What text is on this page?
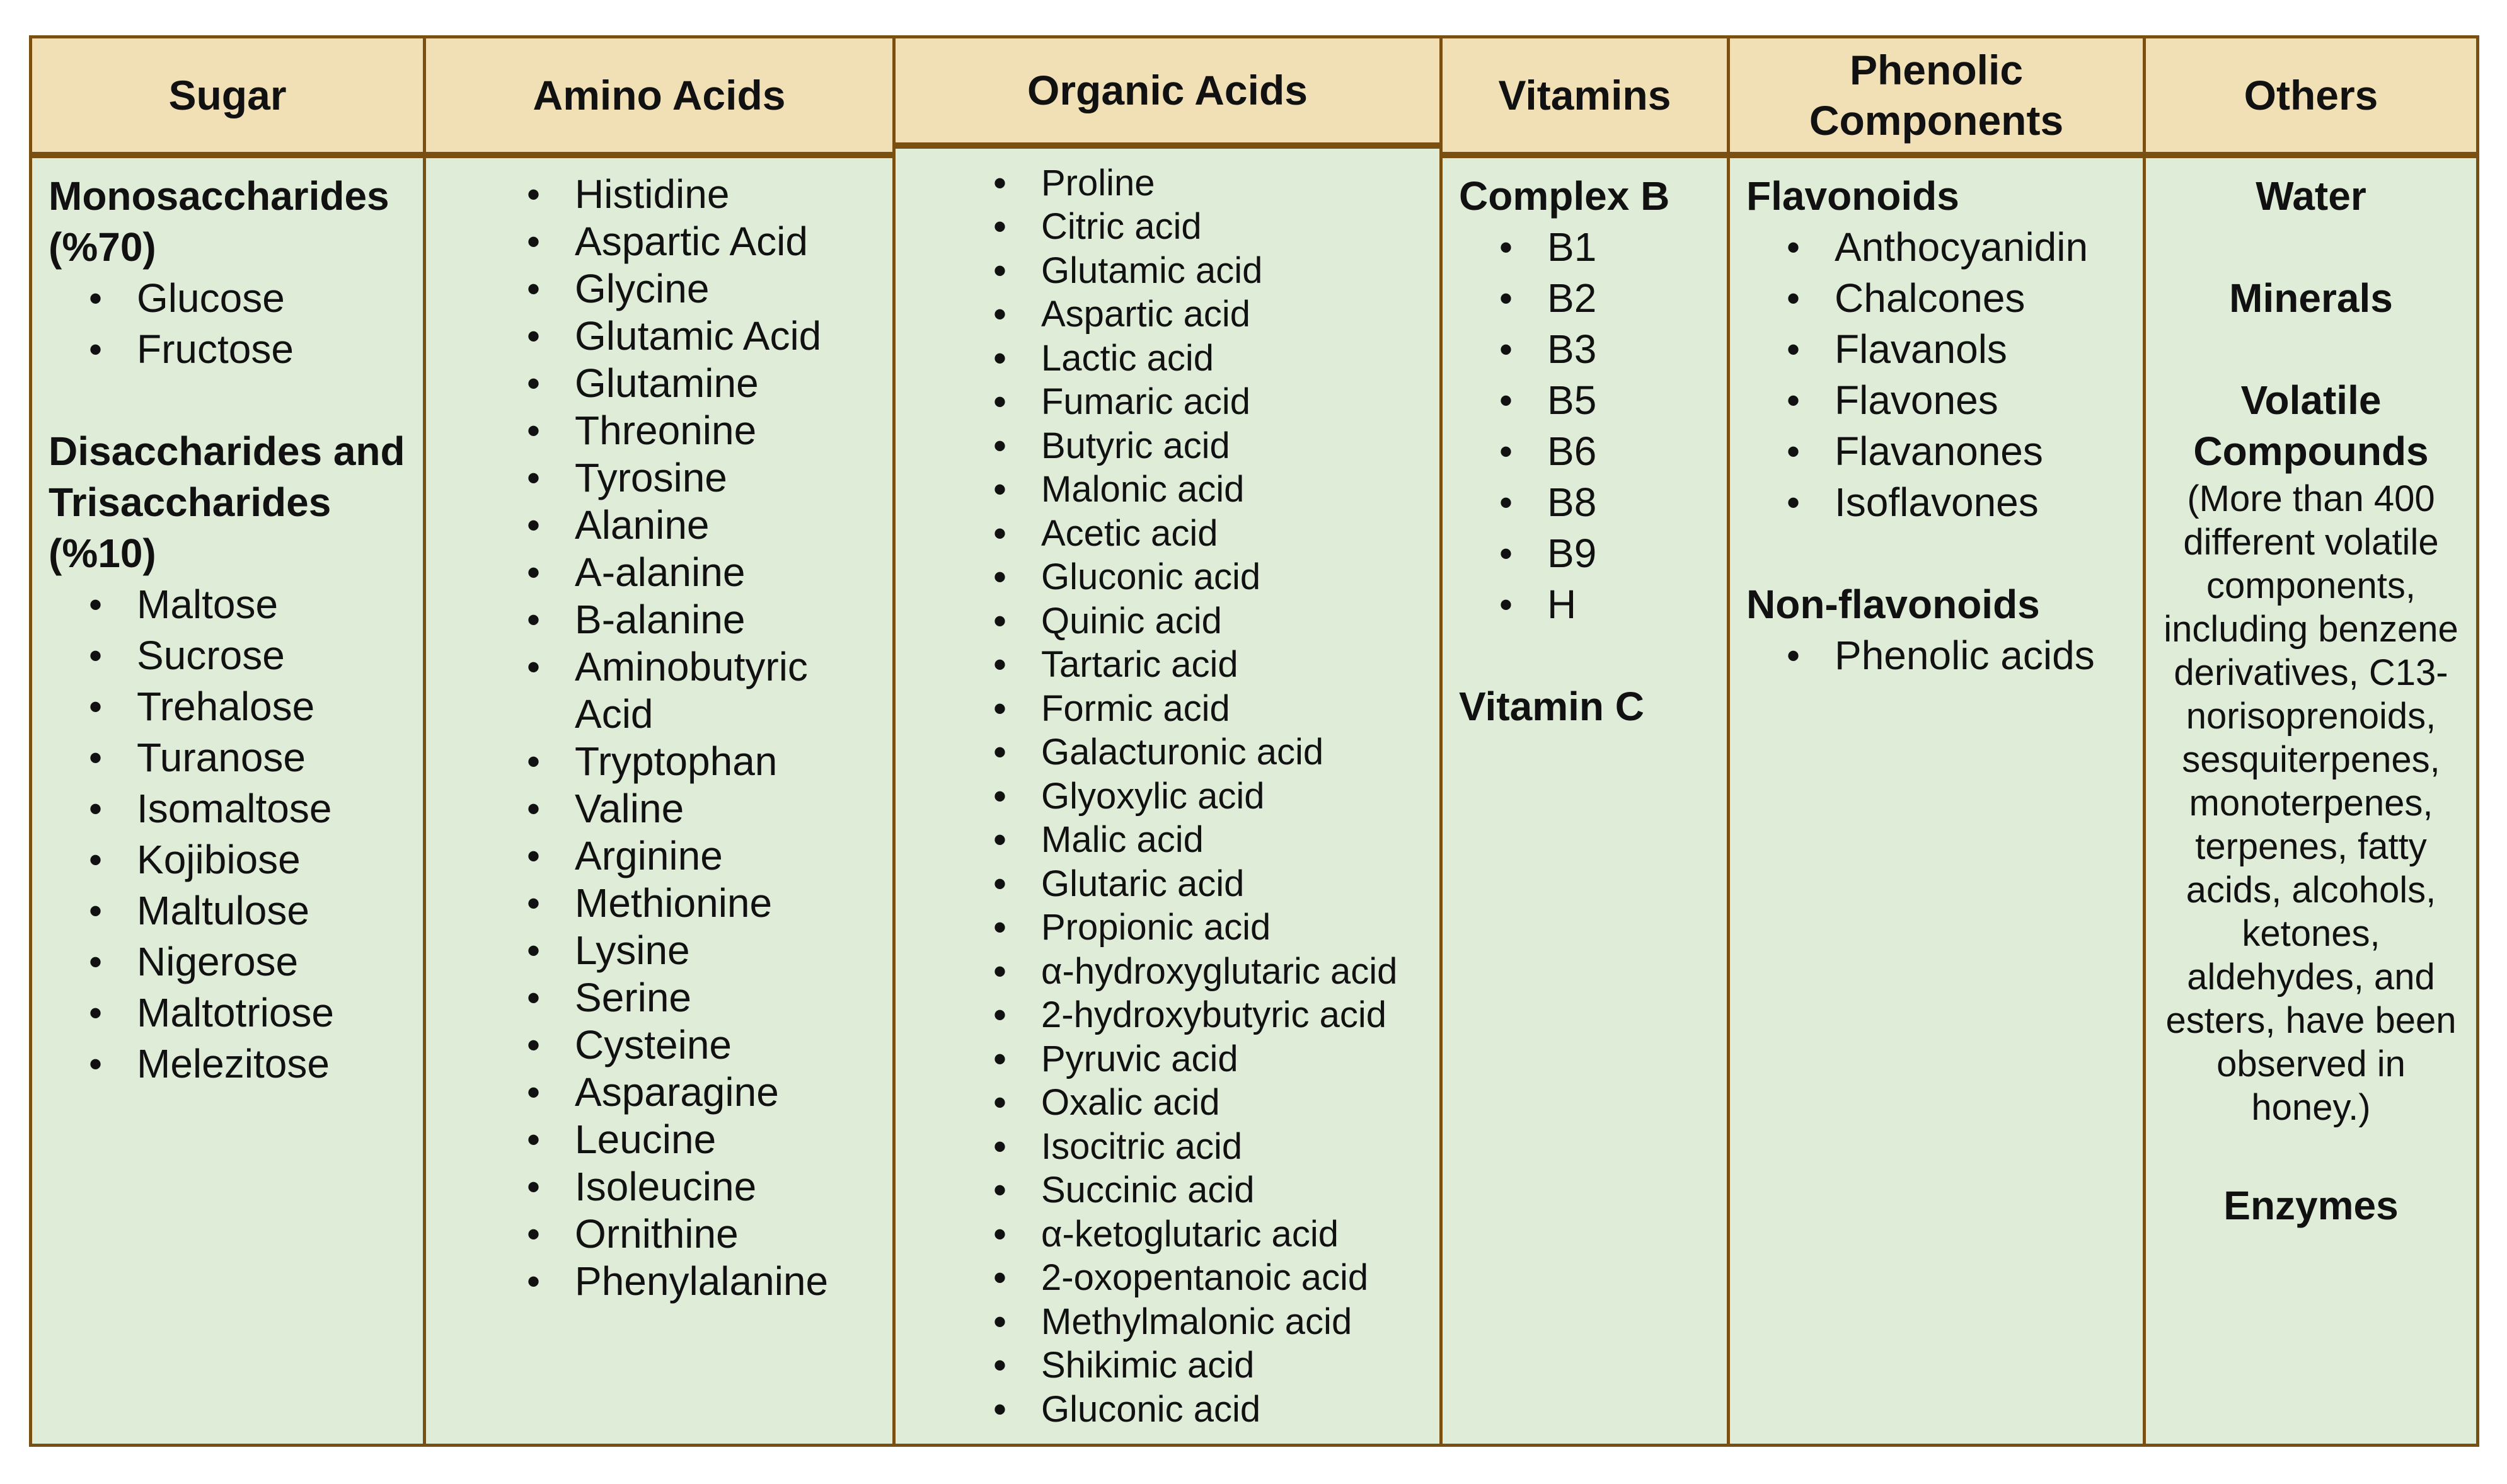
Sugar
Monosaccharides (%70)
• Glucose
• Fructose
Disaccharides and Trisaccharides (%10)
• Maltose
• Sucrose
• Trehalose
• Turanose
• Isomaltose
• Kojibiose
• Maltulose
• Nigerose
• Maltotriose
• Melezitose
Amino Acids
• Histidine
• Aspartic Acid
• Glycine
• Glutamic Acid
• Glutamine
• Threonine
• Tyrosine
• Alanine
• A-alanine
• B-alanine
• Aminobutyric Acid
• Tryptophan
• Valine
• Arginine
• Methionine
• Lysine
• Serine
• Cysteine
• Asparagine
• Leucine
• Isoleucine
• Ornithine
• Phenylalanine
Organic Acids
• Proline
• Citric acid
• Glutamic acid
• Aspartic acid
• Lactic acid
• Fumaric acid
• Butyric acid
• Malonic acid
• Acetic acid
• Gluconic acid
• Quinic acid
• Tartaric acid
• Formic acid
• Galacturonic acid
• Glyoxylic acid
• Malic acid
• Glutaric acid
• Propionic acid
• α-hydroxyglutaric acid
• 2-hydroxybutyric acid
• Pyruvic acid
• Oxalic acid
• Isocitric acid
• Succinic acid
• α-ketoglutaric acid
• 2-oxopentanoic acid
• Methylmalonic acid
• Shikimic acid
• Gluconic acid
Vitamins
Complex B
• B1
• B2
• B3
• B5
• B6
• B8
• B9
• H
Vitamin C
Phenolic Components
Flavonoids
• Anthocyanidin
• Chalcones
• Flavanols
• Flavones
• Flavanones
• Isoflavones
Non-flavonoids
• Phenolic acids
Others
Water
Minerals
Volatile Compounds
(More than 400 different volatile components, including benzene derivatives, C13-norisoprenoids, sesquiterpenes, monoterpenes, terpenes, fatty acids, alcohols, ketones, aldehydes, and esters, have been observed in honey.)
Enzymes
